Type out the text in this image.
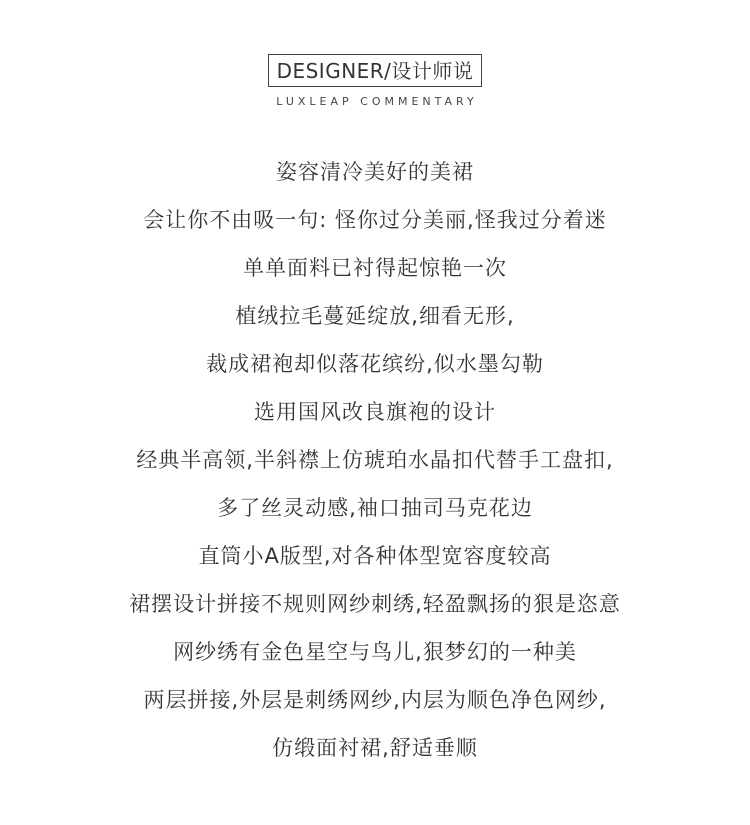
DESIGNER/设计师说
LUXLEAP COMMENTARY
姿容清冷美好的美裙
会让你不由吸一句: 怪你过分美丽,怪我过分着迷
单单面料已衬得起惊艳一次
植绒拉毛蔓延绽放,细看无形,
裁成裙袍却似落花缤纷,似水墨勾勒
选用国风改良旗袍的设计
经典半高领,半斜襟上仿琥珀水晶扣代替手工盘扣,
多了丝灵动感,袖口抽司马克花边
直筒小A版型,对各种体型宽容度较高
裙摆设计拼接不规则网纱刺绣,轻盈飘扬的狠是恣意
网纱绣有金色星空与鸟儿,狠梦幻的一种美
两层拼接,外层是刺绣网纱,内层为顺色净色网纱,
仿缎面衬裙,舒适垂顺
